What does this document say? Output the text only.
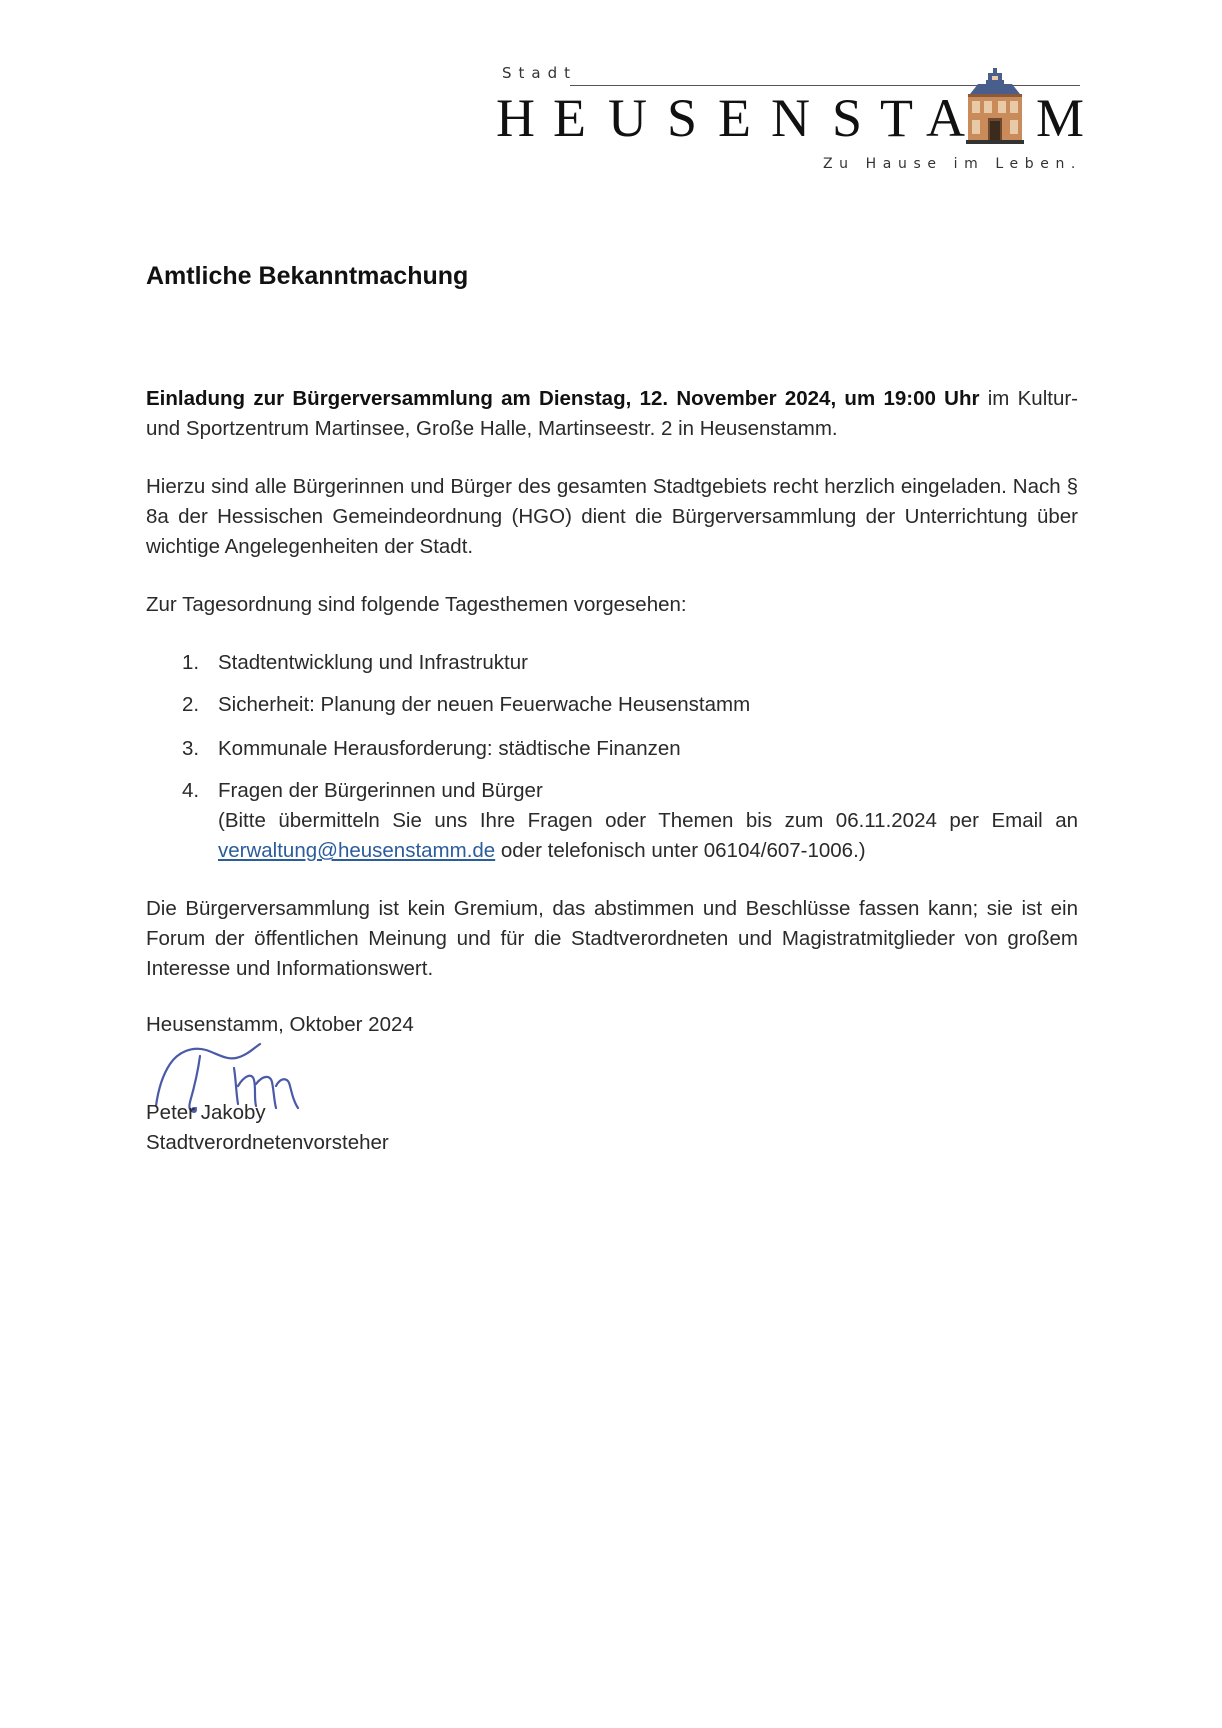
Stadt
H E U S E N S T A M
Zu Hause im Leben.
Amtliche Bekanntmachung
Einladung zur Bürgerversammlung am Dienstag, 12. November 2024, um 19:00 Uhr im Kultur- und Sportzentrum Martinsee, Große Halle, Martinseestr. 2 in Heusenstamm.
Hierzu sind alle Bürgerinnen und Bürger des gesamten Stadtgebiets recht herzlich eingeladen. Nach § 8a der Hessischen Gemeindeordnung (HGO) dient die Bürgerversammlung der Unterrichtung über wichtige Angelegenheiten der Stadt.
Zur Tagesordnung sind folgende Tagesthemen vorgesehen:
1. Stadtentwicklung und Infrastruktur
2. Sicherheit: Planung der neuen Feuerwache Heusenstamm
3. Kommunale Herausforderung: städtische Finanzen
4. Fragen der Bürgerinnen und Bürger
(Bitte übermitteln Sie uns Ihre Fragen oder Themen bis zum 06.11.2024 per Email an verwaltung@heusenstamm.de oder telefonisch unter 06104/607-1006.)
Die Bürgerversammlung ist kein Gremium, das abstimmen und Beschlüsse fassen kann; sie ist ein Forum der öffentlichen Meinung und für die Stadtverordneten und Magistratmitglieder von großem Interesse und Informationswert.
Heusenstamm, Oktober 2024
Peter Jakoby
Stadtverordnetenvorsteher
